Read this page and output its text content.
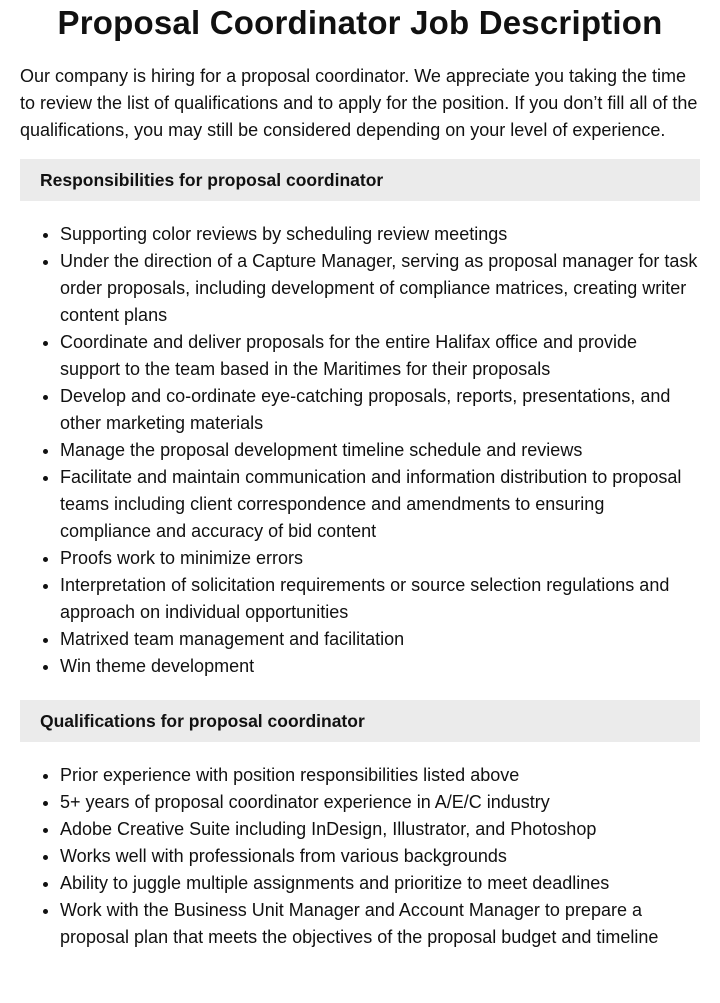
Proposal Coordinator Job Description

Our company is hiring for a proposal coordinator. We appreciate you taking the time to review the list of qualifications and to apply for the position. If you don’t fill all of the qualifications, you may still be considered depending on your level of experience.

Responsibilities for proposal coordinator
• Supporting color reviews by scheduling review meetings
• Under the direction of a Capture Manager, serving as proposal manager for task order proposals, including development of compliance matrices, creating writer content plans
• Coordinate and deliver proposals for the entire Halifax office and provide support to the team based in the Maritimes for their proposals
• Develop and co-ordinate eye-catching proposals, reports, presentations, and other marketing materials
• Manage the proposal development timeline schedule and reviews
• Facilitate and maintain communication and information distribution to proposal teams including client correspondence and amendments to ensuring compliance and accuracy of bid content
• Proofs work to minimize errors
• Interpretation of solicitation requirements or source selection regulations and approach on individual opportunities
• Matrixed team management and facilitation
• Win theme development
Qualifications for proposal coordinator
• Prior experience with position responsibilities listed above
• 5+ years of proposal coordinator experience in A/E/C industry
• Adobe Creative Suite including InDesign, Illustrator, and Photoshop
• Works well with professionals from various backgrounds
• Ability to juggle multiple assignments and prioritize to meet deadlines
• Work with the Business Unit Manager and Account Manager to prepare a proposal plan that meets the objectives of the proposal budget and timeline
